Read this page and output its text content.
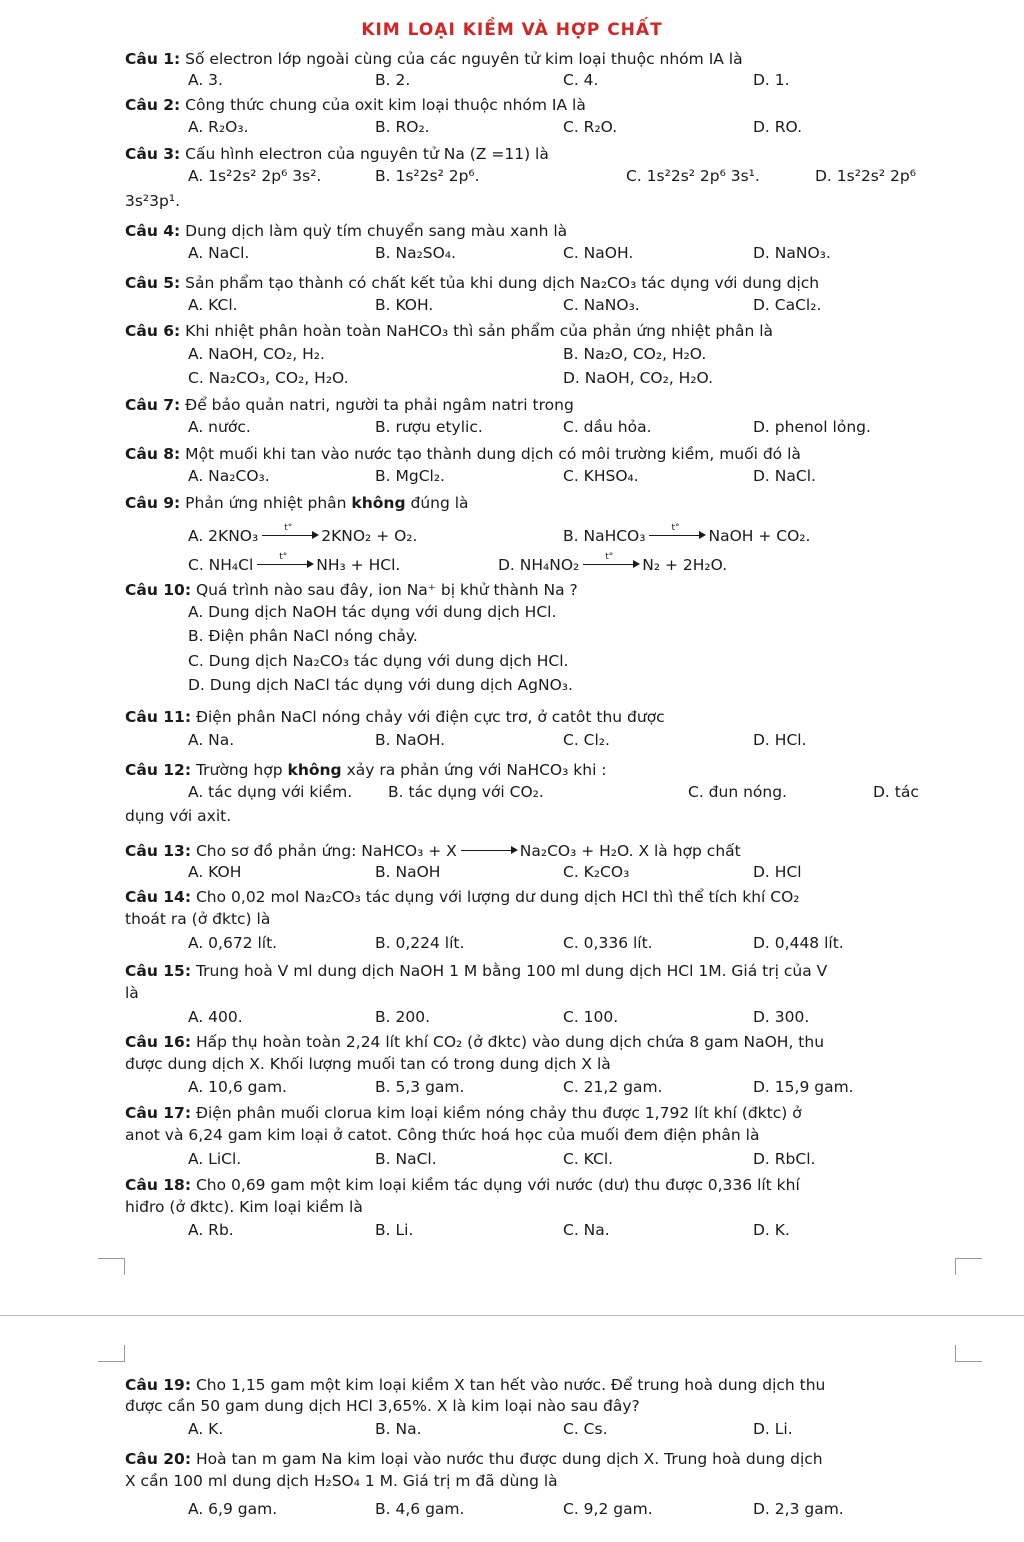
KIM LOẠI KIỀM VÀ HỢP CHẤT
Câu 1: Số electron lớp ngoài cùng của các nguyên tử kim loại thuộc nhóm IA là
A. 3.	B. 2.	C. 4.	D. 1.
Câu 2: Công thức chung của oxit kim loại thuộc nhóm IA là
A. R₂O₃.	B. RO₂.	C. R₂O.	D. RO.
Câu 3: Cấu hình electron của nguyên tử Na (Z =11) là
A. 1s²2s² 2p⁶ 3s².	B. 1s²2s² 2p⁶.	C. 1s²2s² 2p⁶ 3s¹.	D. 1s²2s² 2p⁶
3s²3p¹.
Câu 4: Dung dịch làm quỳ tím chuyển sang màu xanh là
A. NaCl.	B. Na₂SO₄.	C. NaOH.	D. NaNO₃.
Câu 5: Sản phẩm tạo thành có chất kết tủa khi dung dịch Na₂CO₃ tác dụng với dung dịch
A. KCl.	B. KOH.	C. NaNO₃.	D. CaCl₂.
Câu 6: Khi nhiệt phân hoàn toàn NaHCO₃ thì sản phẩm của phản ứng nhiệt phân là
A. NaOH, CO₂, H₂.	B. Na₂O, CO₂, H₂O.
C. Na₂CO₃, CO₂, H₂O.	D. NaOH, CO₂, H₂O.
Câu 7: Để bảo quản natri, người ta phải ngâm natri trong
A. nước.	B. rượu etylic.	C. dầu hỏa.	D. phenol lỏng.
Câu 8: Một muối khi tan vào nước tạo thành dung dịch có môi trường kiềm, muối đó là
A. Na₂CO₃.	B. MgCl₂.	C. KHSO₄.	D. NaCl.
Câu 9: Phản ứng nhiệt phân không đúng là
A. 2KNO₃	t° 2KNO₂ + O₂.	B. NaHCO₃	t° NaOH + CO₂.
C. NH₄Cl	t° NH₃ + HCl.	D. NH₄NO₂	t° N₂ + 2H₂O.
Câu 10: Quá trình nào sau đây, ion Na⁺ bị khử thành Na ?
A. Dung dịch NaOH tác dụng với dung dịch HCl.
B. Điện phân NaCl nóng chảy.
C. Dung dịch Na₂CO₃ tác dụng với dung dịch HCl.
D. Dung dịch NaCl tác dụng với dung dịch AgNO₃.
Câu 11: Điện phân NaCl nóng chảy với điện cực trơ, ở catôt thu được
A. Na.	B. NaOH.	C. Cl₂.	D. HCl.
Câu 12: Trường hợp không xảy ra phản ứng với NaHCO₃ khi :
A. tác dụng với kiềm. B. tác dụng với CO₂.	C. đun nóng.	D. tác
dụng với axit.
Câu 13: Cho sơ đồ phản ứng: NaHCO₃ + X	Na₂CO₃ + H₂O. X là hợp chất
A. KOH	B. NaOH	C. K₂CO₃	D. HCl
Câu 14: Cho 0,02 mol Na₂CO₃ tác dụng với lượng dư dung dịch HCl thì thể tích khí CO₂
thoát ra (ở đktc) là
A. 0,672 lít.	B. 0,224 lít.	C. 0,336 lít.	D. 0,448 lít.
Câu 15: Trung hoà V ml dung dịch NaOH 1 M bằng 100 ml dung dịch HCl 1M. Giá trị của V
là
A. 400.	B. 200.	C. 100.	D. 300.
Câu 16: Hấp thụ hoàn toàn 2,24 lít khí CO₂ (ở đktc) vào dung dịch chứa 8 gam NaOH, thu
được dung dịch X. Khối lượng muối tan có trong dung dịch X là
A. 10,6 gam.	B. 5,3 gam.	C. 21,2 gam.	D. 15,9 gam.
Câu 17: Điện phân muối clorua kim loại kiềm nóng chảy thu được 1,792 lít khí (đktc) ở
anot và 6,24 gam kim loại ở catot. Công thức hoá học của muối đem điện phân là
A. LiCl.	B. NaCl.	C. KCl.	D. RbCl.
Câu 18: Cho 0,69 gam một kim loại kiềm tác dụng với nước (dư) thu được 0,336 lít khí
hiđro (ở đktc). Kim loại kiềm là
A. Rb.	B. Li.	C. Na.	D. K.
Câu 19: Cho 1,15 gam một kim loại kiềm X tan hết vào nước. Để trung hoà dung dịch thu
được cần 50 gam dung dịch HCl 3,65%. X là kim loại nào sau đây?
A. K.	B. Na.	C. Cs.	D. Li.
Câu 20: Hoà tan m gam Na kim loại vào nước thu được dung dịch X. Trung hoà dung dịch
X cần 100 ml dung dịch H₂SO₄ 1 M. Giá trị m đã dùng là
A. 6,9 gam.	B. 4,6 gam.	C. 9,2 gam.	D. 2,3 gam.
